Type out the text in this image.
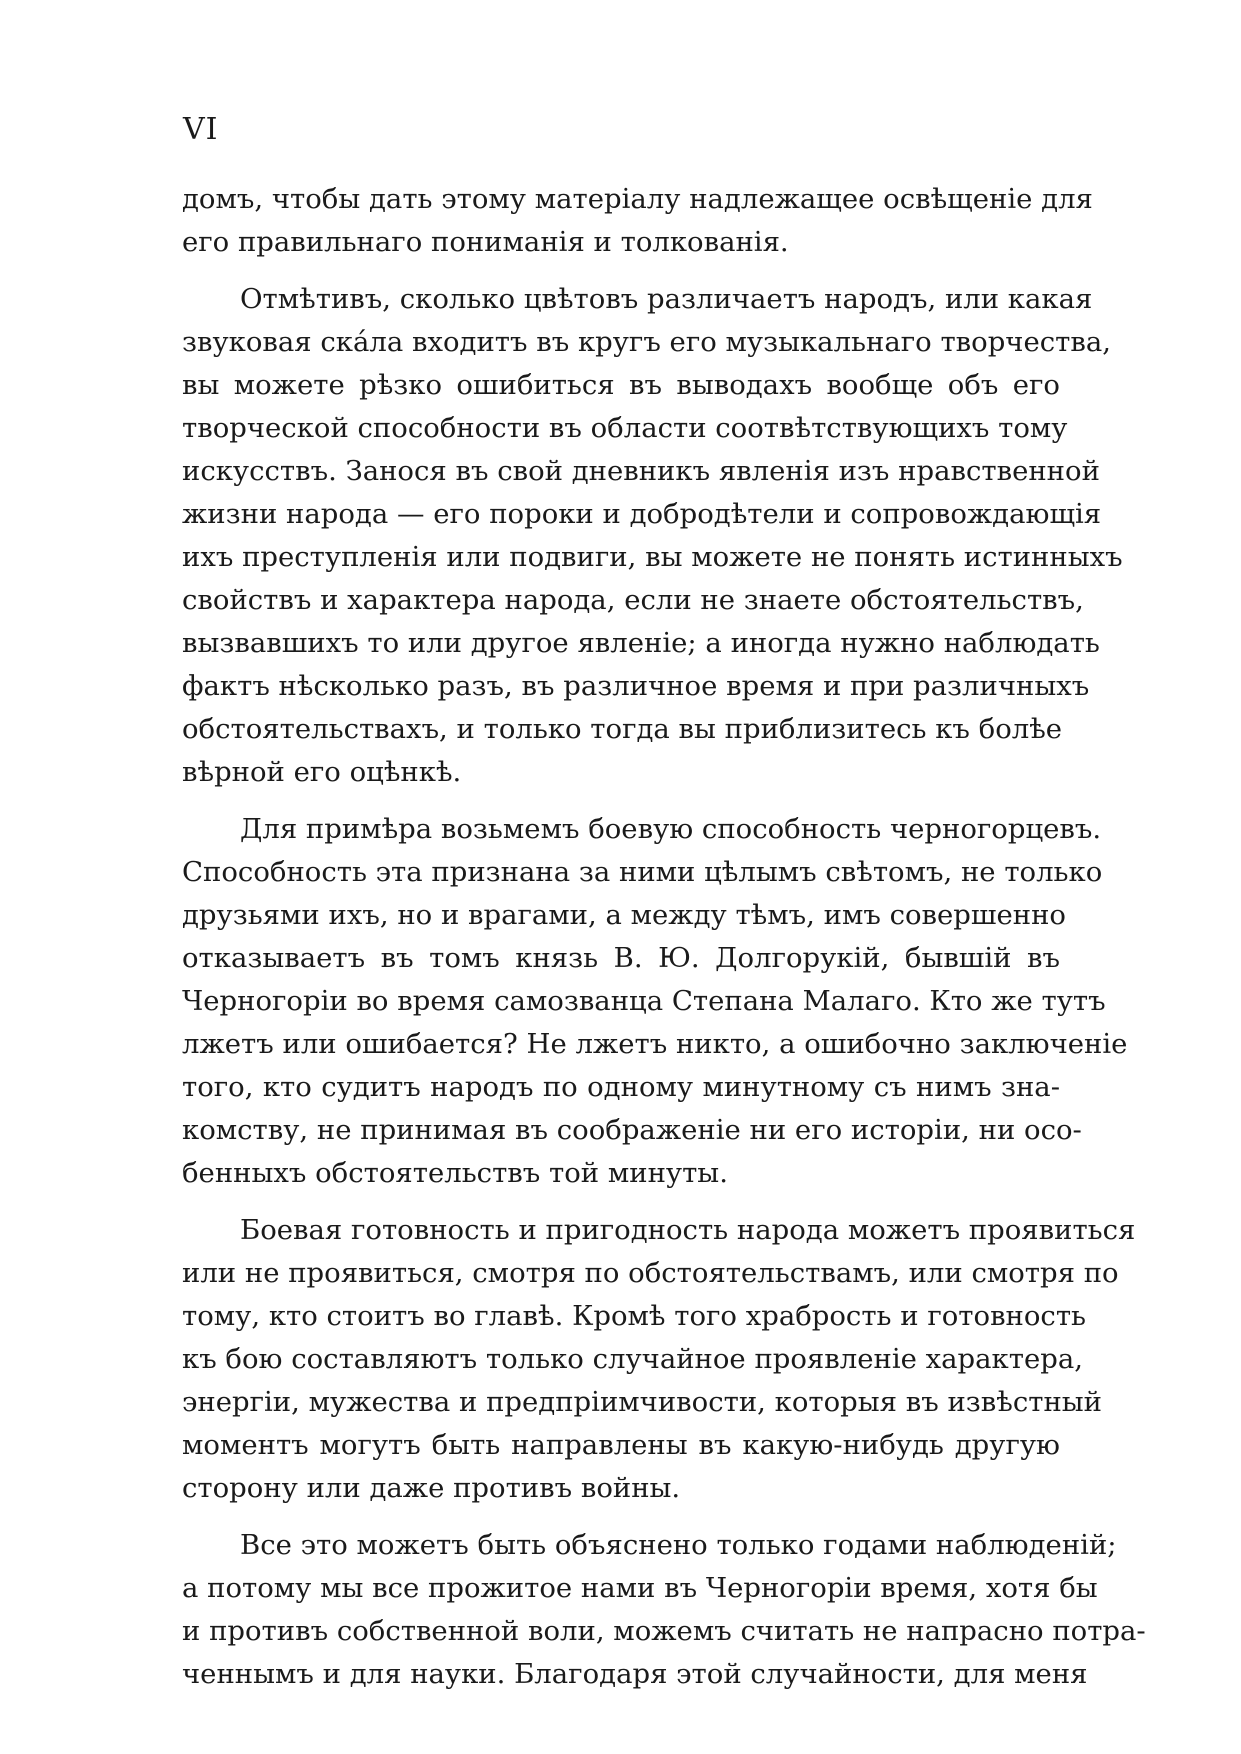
VI
домъ, чтобы дать этому матеріалу надлежащее освѣщеніе для
его правильнаго пониманія и толкованія.
Отмѣтивъ, сколько цвѣтовъ различаетъ народъ, или какая
звуковая скáла входитъ въ кругъ его музыкальнаго творчества,
вы можете рѣзко ошибиться въ выводахъ вообще объ его
творческой способности въ области соотвѣтствующихъ тому
искусствъ. Занося въ свой дневникъ явленія изъ нравственной
жизни народа — его пороки и добродѣтели и сопровождающія
ихъ преступленія или подвиги, вы можете не понять истинныхъ
свойствъ и характера народа, если не знаете обстоятельствъ,
вызвавшихъ то или другое явленіе; а иногда нужно наблюдать
фактъ нѣсколько разъ, въ различное время и при различныхъ
обстоятельствахъ, и только тогда вы приблизитесь къ болѣе
вѣрной его оцѣнкѣ.
Для примѣра возьмемъ боевую способность черногорцевъ.
Способность эта признана за ними цѣлымъ свѣтомъ, не только
друзьями ихъ, но и врагами, а между тѣмъ, имъ совершенно
отказываетъ въ томъ князь В. Ю. Долгорукій, бывшій въ
Черногоріи во время самозванца Степана Малаго. Кто же тутъ
лжетъ или ошибается? Не лжетъ никто, а ошибочно заключеніе
того, кто судитъ народъ по одному минутному съ нимъ зна-
комству, не принимая въ соображеніе ни его исторіи, ни осо-
бенныхъ обстоятельствъ той минуты.
Боевая готовность и пригодность народа можетъ проявиться
или не проявиться, смотря по обстоятельствамъ, или смотря по
тому, кто стоитъ во главѣ. Кромѣ того храбрость и готовность
къ бою составляютъ только случайное проявленіе характера,
энергіи, мужества и предпріимчивости, которыя въ извѣстный
моментъ могутъ быть направлены въ какую-нибудь другую
сторону или даже противъ войны.
Все это можетъ быть объяснено только годами наблюденій;
а потому мы все прожитое нами въ Черногоріи время, хотя бы
и противъ собственной воли, можемъ считать не напрасно потра-
ченнымъ и для науки. Благодаря этой случайности, для меня
